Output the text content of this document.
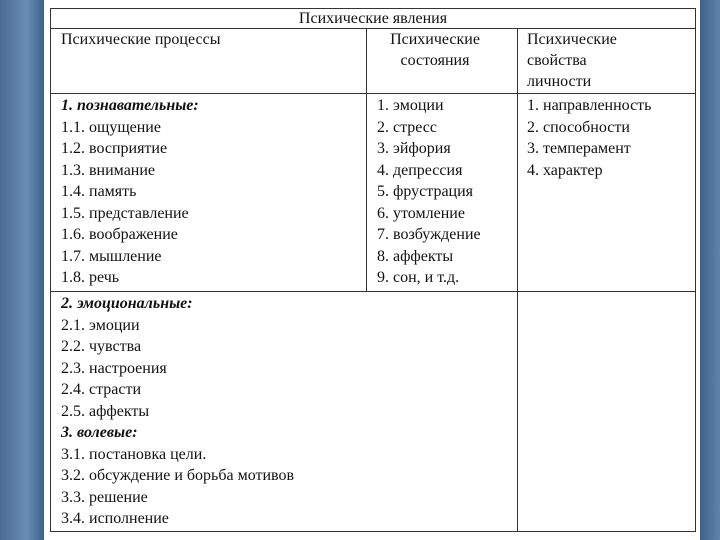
Психические явления
Психические процессы	Психические
состояния
Психические
свойства
личности
1. познавательные:
1.1. ощущение
1.2. восприятие
1.3. внимание
1.4. память
1.5. представление
1.6. воображение
1.7. мышление
1.8. речь
1. эмоции
2. стресс
3. эйфория
4. депрессия
5. фрустрация
6. утомление
7. возбуждение
8. аффекты
9. сон, и т.д.
1. направленность
2. способности
3. темперамент
4. характер
2. эмоциональные:
2.1. эмоции
2.2. чувства
2.3. настроения
2.4. страсти
2.5. аффекты
3. волевые:
3.1. постановка цели.
3.2. обсуждение и борьба мотивов
3.3. решение
3.4. исполнение
